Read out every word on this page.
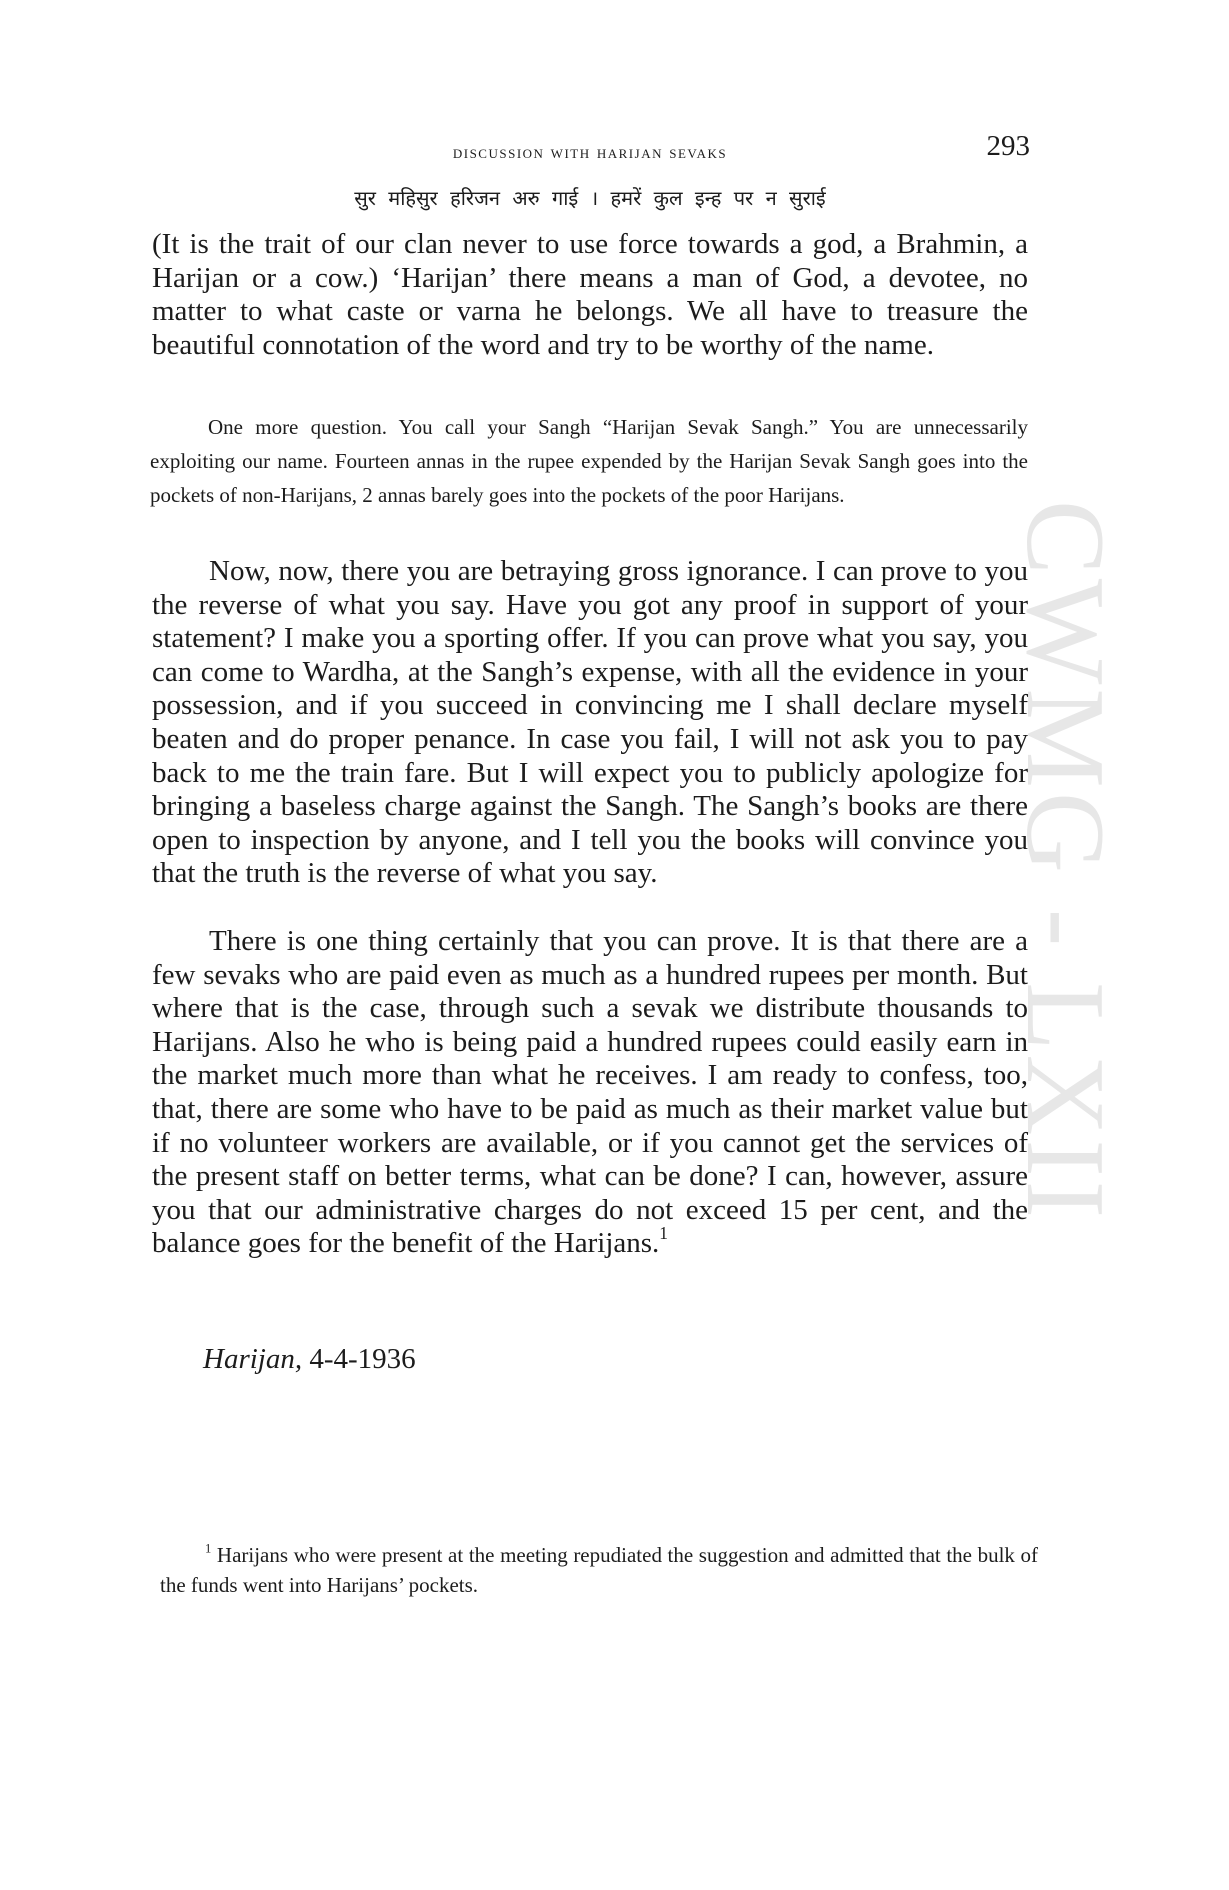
CWMG - LXII
discussion with harijan sevaks	293
सुर महिसुर हरिजन अरु गाई । हमरें कुल इन्ह पर न सुराई

(It is the trait of our clan never to use force towards a god, a Brahmin, a Harijan or a cow.) ‘Harijan’ there means a man of God, a devotee, no matter to what caste or varna he belongs. We all have to treasure the beautiful connotation of the word and try to be worthy of the name.

One more question. You call your Sangh “Harijan Sevak Sangh.” You are unnecessarily exploiting our name. Fourteen annas in the rupee expended by the Harijan Sevak Sangh goes into the pockets of non-Harijans, 2 annas barely goes into the pockets of the poor Harijans.

Now, now, there you are betraying gross ignorance. I can prove to you the reverse of what you say. Have you got any proof in support of your statement? I make you a sporting offer. If you can prove what you say, you can come to Wardha, at the Sangh’s expense, with all the evidence in your possession, and if you succeed in convincing me I shall declare myself beaten and do proper penance. In case you fail, I will not ask you to pay back to me the train fare. But I will expect you to publicly apologize for bringing a baseless charge against the Sangh. The Sangh’s books are there open to inspection by anyone, and I tell you the books will convince you that the truth is the reverse of what you say.

There is one thing certainly that you can prove. It is that there are a few sevaks who are paid even as much as a hundred rupees per month. But where that is the case, through such a sevak we distribute thousands to Harijans. Also he who is being paid a hundred rupees could easily earn in the market much more than what he receives. I am ready to confess, too, that, there are some who have to be paid as much as their market value but if no volunteer workers are available, or if you cannot get the services of the present staff on better terms, what can be done? I can, however, assure you that our administrative charges do not exceed 15 per cent, and the balance goes for the benefit of the Harijans.$^1$

Harijan, 4-4-1936

$^1$ Harijans who were present at the meeting repudiated the suggestion and admitted that the bulk of the funds went into Harijans’ pockets.
